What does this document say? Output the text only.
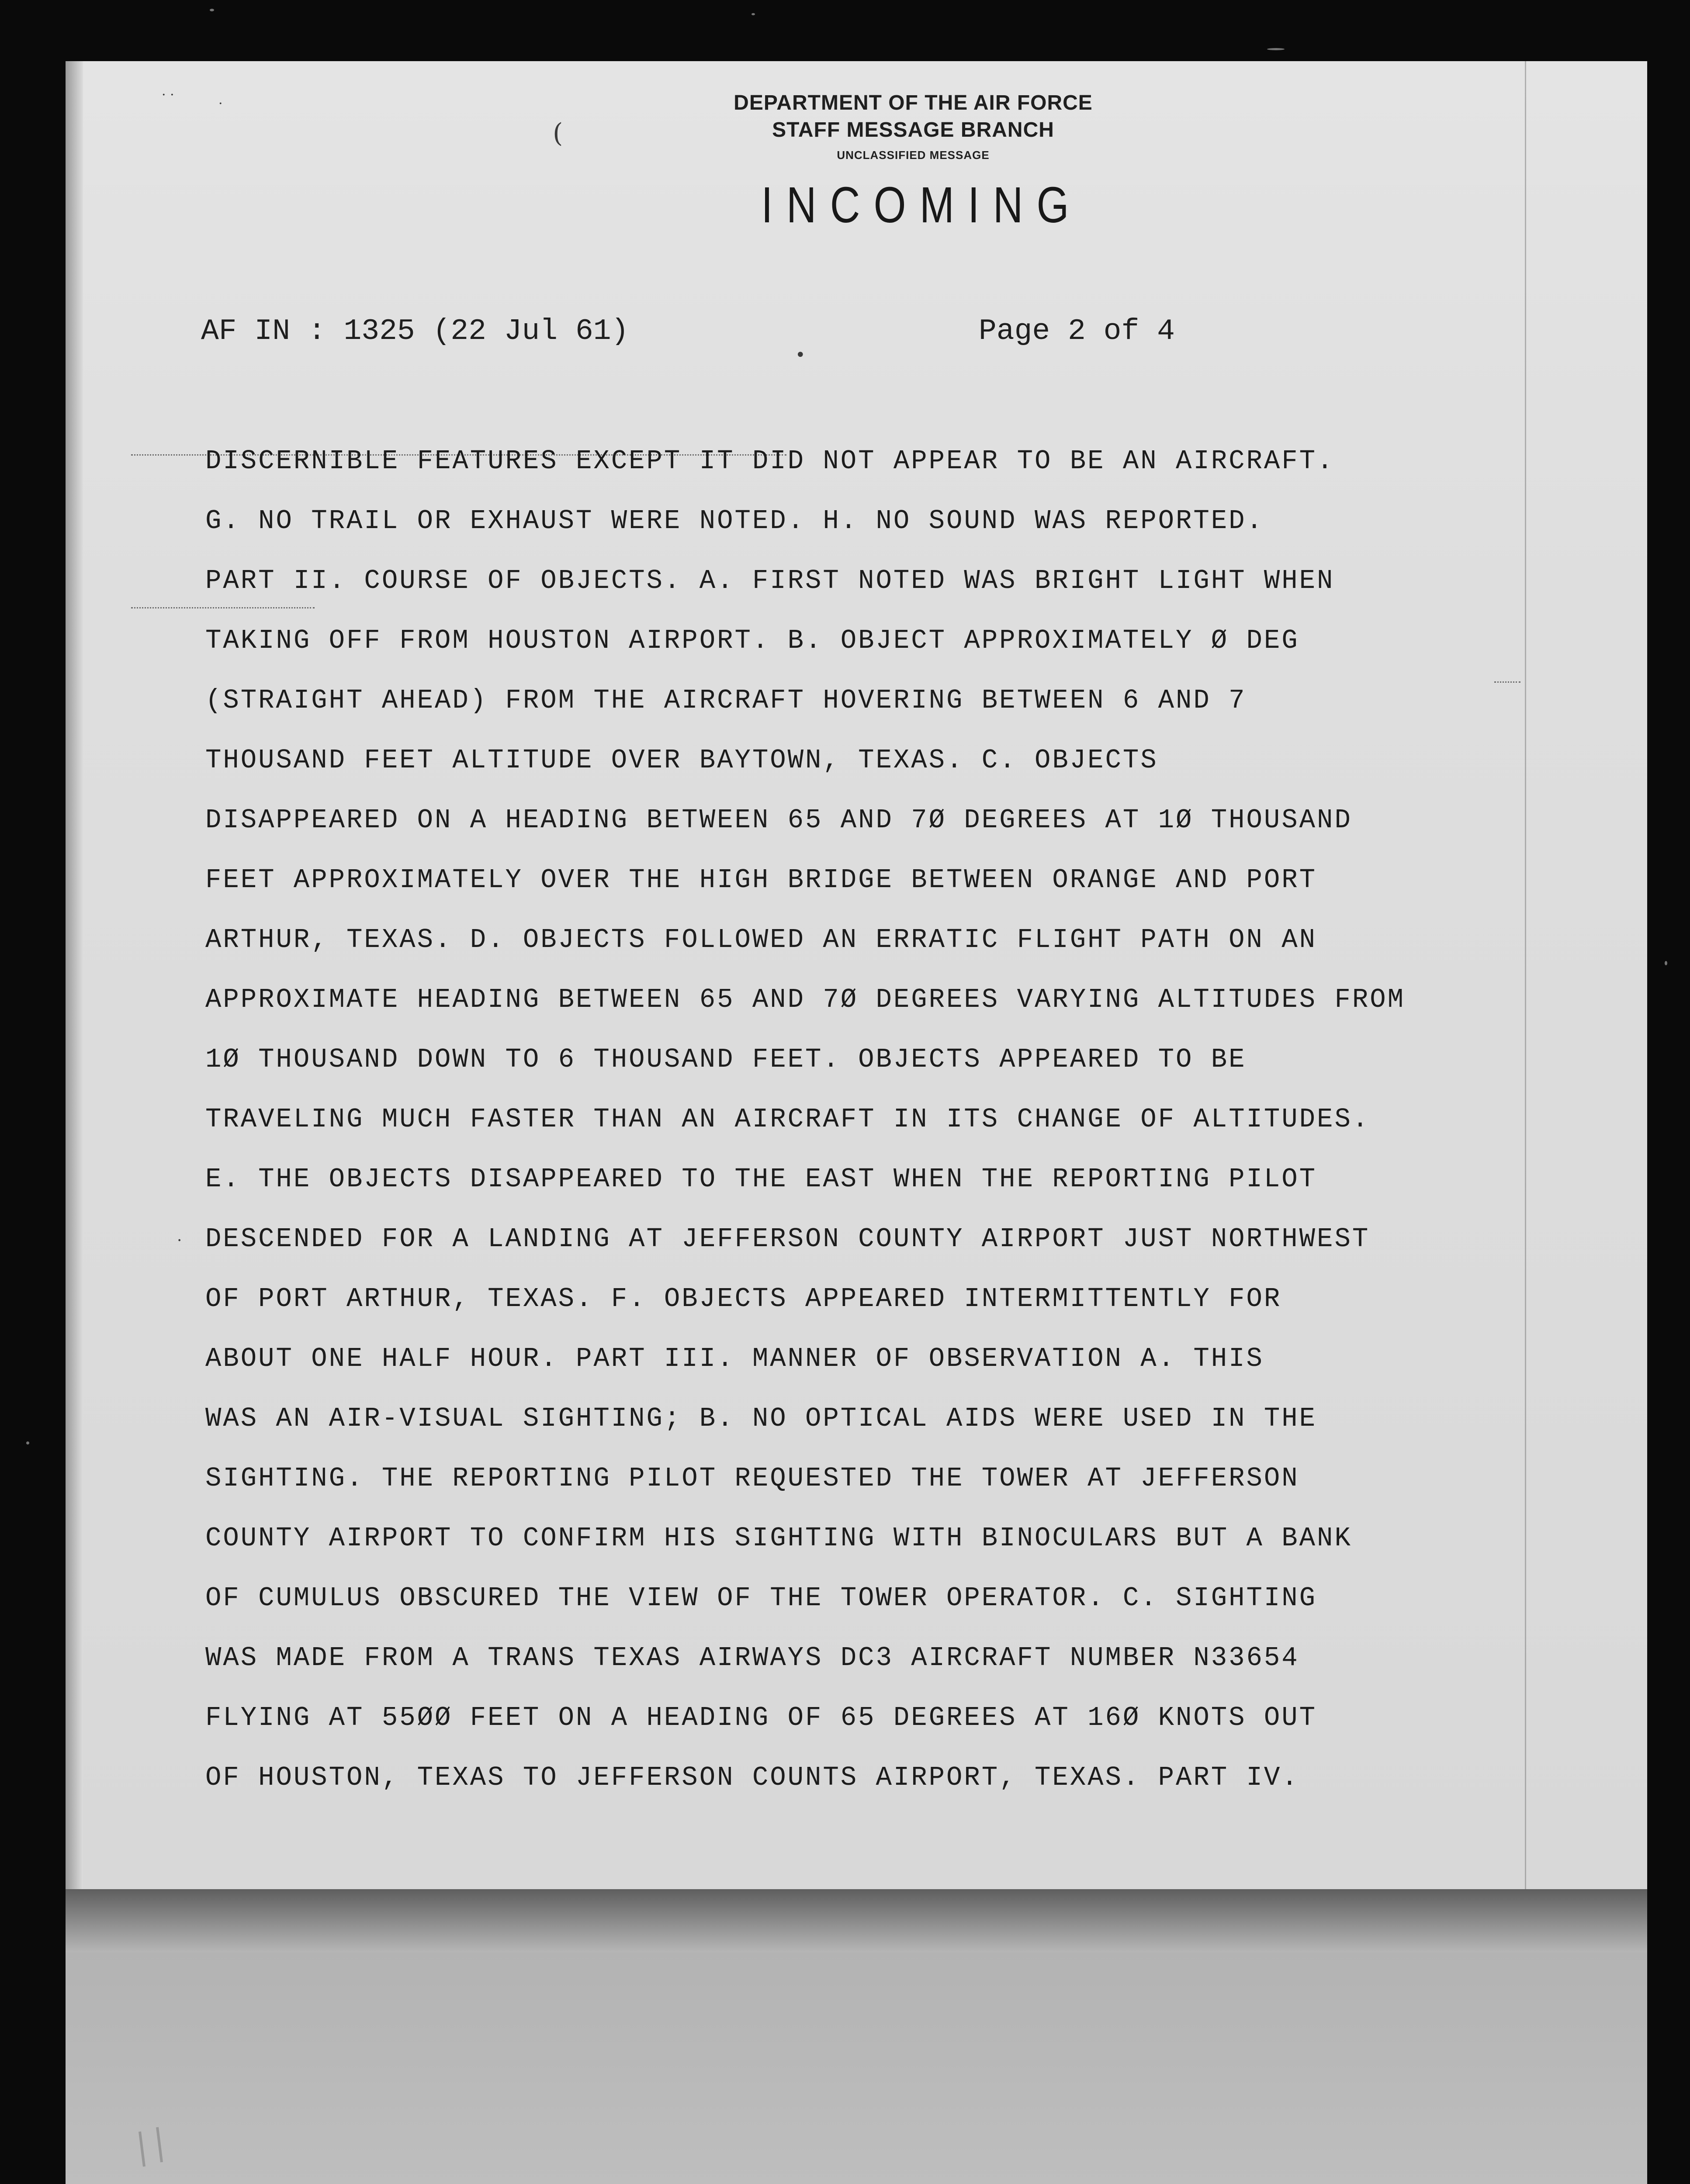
· ·
·
(
•
DEPARTMENT OF THE AIR FORCE
STAFF MESSAGE BRANCH
UNCLASSIFIED MESSAGE
INCOMING
AF IN : 1325 (22 Jul 61)	Page 2 of 4
DISCERNIBLE FEATURES EXCEPT IT DID NOT APPEAR TO BE AN AIRCRAFT.
G. NO TRAIL OR EXHAUST WERE NOTED. H. NO SOUND WAS REPORTED.
PART II. COURSE OF OBJECTS. A. FIRST NOTED WAS BRIGHT LIGHT WHEN
TAKING OFF FROM HOUSTON AIRPORT. B. OBJECT APPROXIMATELY Ø DEG
(STRAIGHT AHEAD) FROM THE AIRCRAFT HOVERING BETWEEN 6 AND 7
THOUSAND FEET ALTITUDE OVER BAYTOWN, TEXAS. C. OBJECTS
DISAPPEARED ON A HEADING BETWEEN 65 AND 7Ø DEGREES AT 1Ø THOUSAND
FEET APPROXIMATELY OVER THE HIGH BRIDGE BETWEEN ORANGE AND PORT
ARTHUR, TEXAS. D. OBJECTS FOLLOWED AN ERRATIC FLIGHT PATH ON AN
APPROXIMATE HEADING BETWEEN 65 AND 7Ø DEGREES VARYING ALTITUDES FROM
1Ø THOUSAND DOWN TO 6 THOUSAND FEET. OBJECTS APPEARED TO BE
TRAVELING MUCH FASTER THAN AN AIRCRAFT IN ITS CHANGE OF ALTITUDES.
E. THE OBJECTS DISAPPEARED TO THE EAST WHEN THE REPORTING PILOT
DESCENDED FOR A LANDING AT JEFFERSON COUNTY AIRPORT JUST NORTHWEST
OF PORT ARTHUR, TEXAS. F. OBJECTS APPEARED INTERMITTENTLY FOR
ABOUT ONE HALF HOUR. PART III. MANNER OF OBSERVATION A. THIS
WAS AN AIR-VISUAL SIGHTING; B. NO OPTICAL AIDS WERE USED IN THE
SIGHTING. THE REPORTING PILOT REQUESTED THE TOWER AT JEFFERSON
COUNTY AIRPORT TO CONFIRM HIS SIGHTING WITH BINOCULARS BUT A BANK
OF CUMULUS OBSCURED THE VIEW OF THE TOWER OPERATOR. C. SIGHTING
WAS MADE FROM A TRANS TEXAS AIRWAYS DC3 AIRCRAFT NUMBER N33654
FLYING AT 55ØØ FEET ON A HEADING OF 65 DEGREES AT 16Ø KNOTS OUT
OF HOUSTON, TEXAS TO JEFFERSON COUNTS AIRPORT, TEXAS. PART IV.
·
